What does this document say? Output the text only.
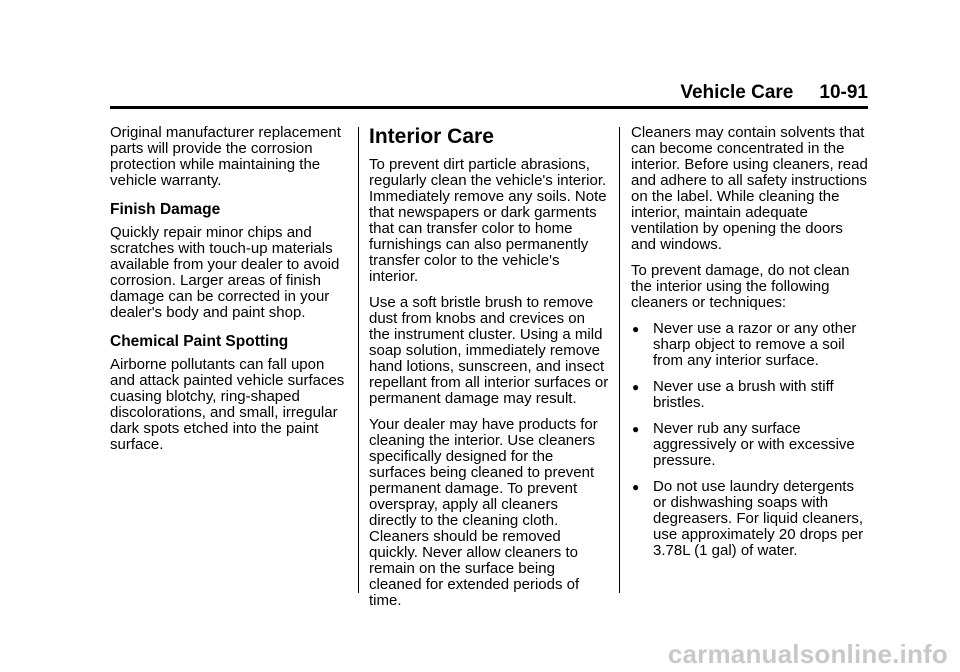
Vehicle Care 10-91

Original manufacturer replacement parts will provide the corrosion protection while maintaining the vehicle warranty.

Finish Damage

Quickly repair minor chips and scratches with touch-up materials available from your dealer to avoid corrosion. Larger areas of finish damage can be corrected in your dealer's body and paint shop.

Chemical Paint Spotting

Airborne pollutants can fall upon and attack painted vehicle surfaces cuasing blotchy, ring-shaped discolorations, and small, irregular dark spots etched into the paint surface.

Interior Care

To prevent dirt particle abrasions, regularly clean the vehicle's interior. Immediately remove any soils. Note that newspapers or dark garments that can transfer color to home furnishings can also permanently transfer color to the vehicle's interior.

Use a soft bristle brush to remove dust from knobs and crevices on the instrument cluster. Using a mild soap solution, immediately remove hand lotions, sunscreen, and insect repellant from all interior surfaces or permanent damage may result.

Your dealer may have products for cleaning the interior. Use cleaners specifically designed for the surfaces being cleaned to prevent permanent damage. To prevent overspray, apply all cleaners directly to the cleaning cloth. Cleaners should be removed quickly. Never allow cleaners to remain on the surface being cleaned for extended periods of time.

Cleaners may contain solvents that can become concentrated in the interior. Before using cleaners, read and adhere to all safety instructions on the label. While cleaning the interior, maintain adequate ventilation by opening the doors and windows.

To prevent damage, do not clean the interior using the following cleaners or techniques:

● Never use a razor or any other sharp object to remove a soil from any interior surface.
● Never use a brush with stiff bristles.
● Never rub any surface aggressively or with excessive pressure.
● Do not use laundry detergents or dishwashing soaps with degreasers. For liquid cleaners, use approximately 20 drops per 3.78L (1 gal) of water.
carmanualsonline.info
